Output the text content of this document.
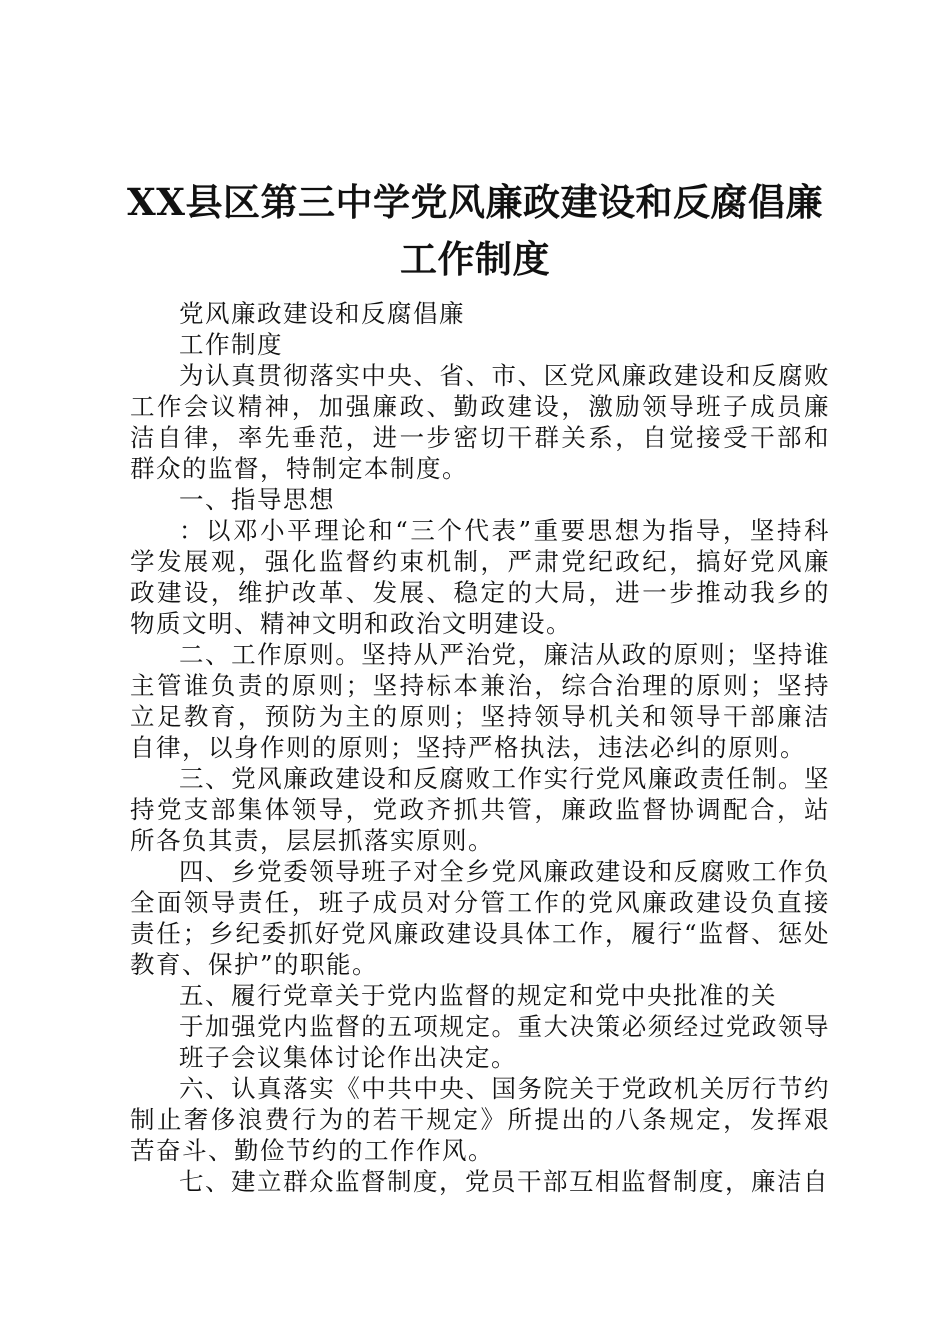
XX县区第三中学党风廉政建设和反腐倡廉工作制度

党风廉政建设和反腐倡廉

工作制度

为认真贯彻落实中央、省、市、区党风廉政建设和反腐败工作会议精神，加强廉政、勤政建设，激励领导班子成员廉洁自律，率先垂范，进一步密切干群关系，自觉接受干部和群众的监督，特制定本制度。

一、指导思想

：以邓小平理论和“三个代表”重要思想为指导，坚持科学发展观，强化监督约束机制，严肃党纪政纪，搞好党风廉政建设，维护改革、发展、稳定的大局，进一步推动我乡的物质文明、精神文明和政治文明建设。

二、工作原则。坚持从严治党，廉洁从政的原则；坚持谁主管谁负责的原则；坚持标本兼治，综合治理的原则；坚持立足教育，预防为主的原则；坚持领导机关和领导干部廉洁自律，以身作则的原则；坚持严格执法，违法必纠的原则。

三、党风廉政建设和反腐败工作实行党风廉政责任制。坚持党支部集体领导，党政齐抓共管，廉政监督协调配合，站所各负其责，层层抓落实原则。

四、乡党委领导班子对全乡党风廉政建设和反腐败工作负全面领导责任，班子成员对分管工作的党风廉政建设负直接责任；乡纪委抓好党风廉政建设具体工作，履行“监督、惩处教育、保护”的职能。

五、履行党章关于党内监督的规定和党中央批准的关

于加强党内监督的五项规定。重大决策必须经过党政领导班子会议集体讨论作出决定。

六、认真落实《中共中央、国务院关于党政机关厉行节约制止奢侈浪费行为的若干规定》所提出的八条规定，发挥艰苦奋斗、勤俭节约的工作作风。

七、建立群众监督制度，党员干部互相监督制度，廉洁自
